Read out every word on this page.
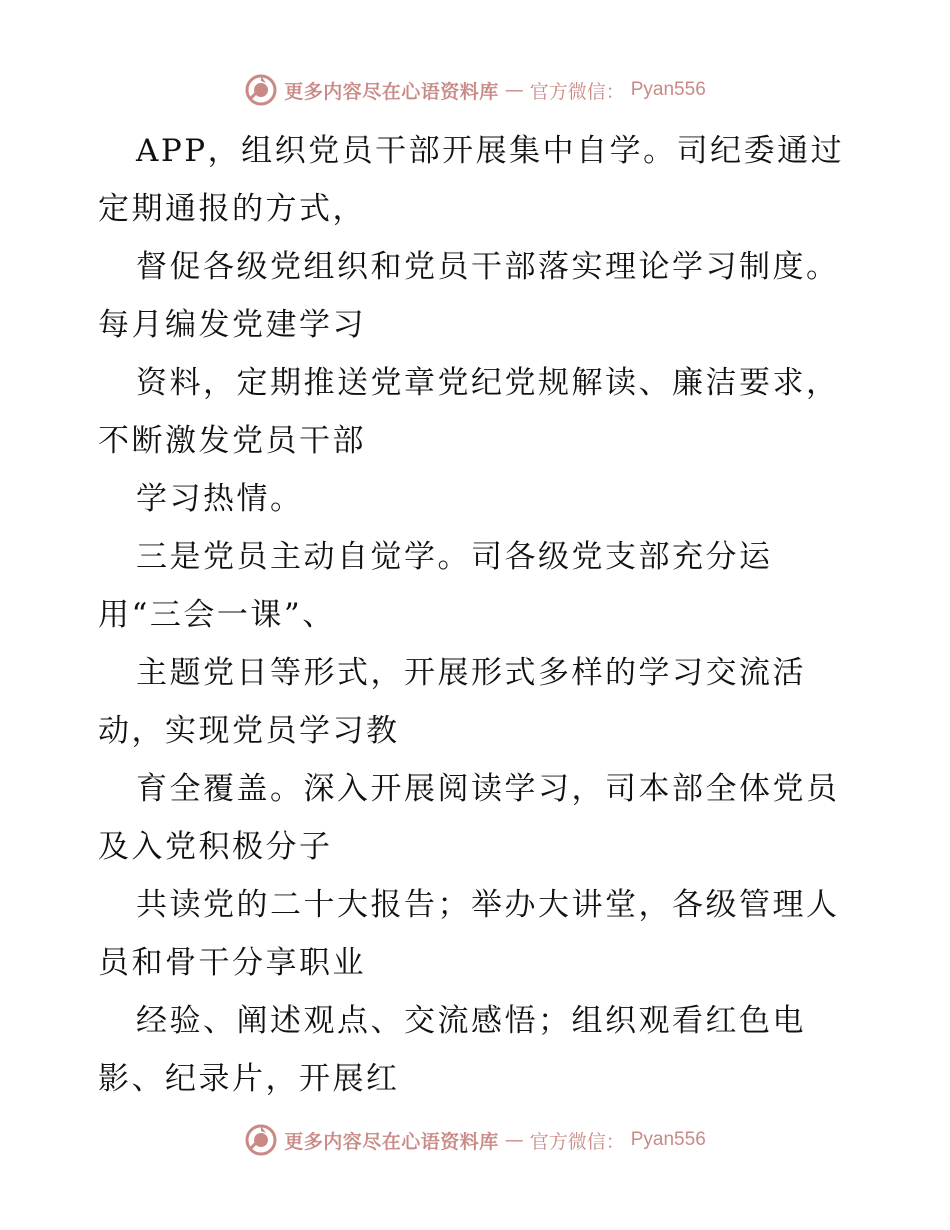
更多内容尽在心语资料库 — 官方微信： Pyan556
APP，组织党员干部开展集中自学。司纪委通过
定期通报的方式，
督促各级党组织和党员干部落实理论学习制度。
每月编发党建学习
资料，定期推送党章党纪党规解读、廉洁要求，
不断激发党员干部
学习热情。
三是党员主动自觉学。司各级党支部充分运
用“三会一课”、
主题党日等形式，开展形式多样的学习交流活
动，实现党员学习教
育全覆盖。深入开展阅读学习，司本部全体党员
及入党积极分子
共读党的二十大报告；举办大讲堂，各级管理人
员和骨干分享职业
经验、阐述观点、交流感悟；组织观看红色电
影、纪录片，开展红
更多内容尽在心语资料库 — 官方微信： Pyan556
